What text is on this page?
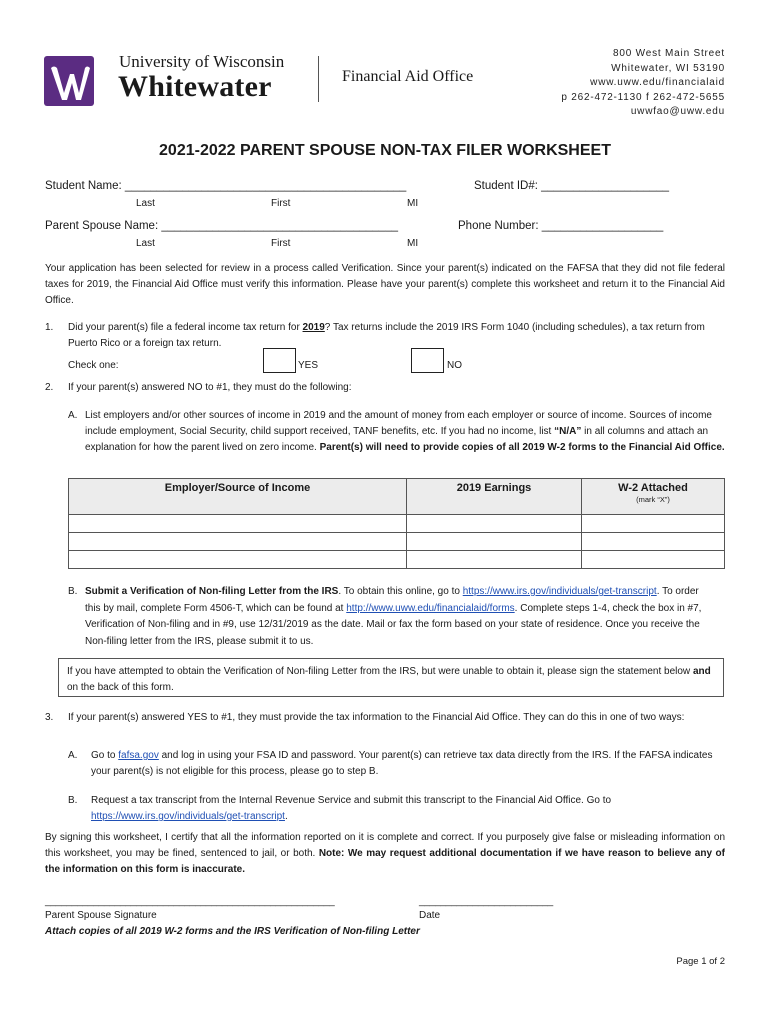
University of Wisconsin
Whitewater	Financial Aid Office
800 West Main Street
Whitewater, WI 53190
www.uww.edu/financialaid
p 262-472-1130 f 262-472-5655
uwwfao@uww.edu
2021-2022 PARENT SPOUSE NON-TAX FILER WORKSHEET
Student Name: ____________________________________________	Student ID#: ____________________
Last	First	MI
Parent Spouse Name: _____________________________________	Phone Number: ___________________
Last	First	MI
Your application has been selected for review in a process called Verification. Since your parent(s) indicated on the FAFSA that they did not file federal taxes for 2019, the Financial Aid Office must verify this information. Please have your parent(s) complete this worksheet and return it to the Financial Aid Office.
1. Did your parent(s) file a federal income tax return for 2019? Tax returns include the 2019 IRS Form 1040 (including schedules), a tax return from Puerto Rico or a foreign tax return.
Check one:	YES	NO
2. If your parent(s) answered NO to #1, they must do the following:
A. List employers and/or other sources of income in 2019 and the amount of money from each employer or source of income. Sources of income include employment, Social Security, child support received, TANF benefits, etc. If you had no income, list “N/A” in all columns and attach an explanation for how the parent lived on zero income. Parent(s) will need to provide copies of all 2019 W-2 forms to the Financial Aid Office.
Employer/Source of Income	2019 Earnings	W-2 Attached
(mark “X”)

B. Submit a Verification of Non-filing Letter from the IRS. To obtain this online, go to https://www.irs.gov/individuals/get-transcript. To order this by mail, complete Form 4506-T, which can be found at http://www.uww.edu/financialaid/forms. Complete steps 1-4, check the box in #7, Verification of Non-filing and in #9, use 12/31/2019 as the date. Mail or fax the form based on your state of residence. Once you receive the Non-filing letter from the IRS, please submit it to us.
If you have attempted to obtain the Verification of Non-filing Letter from the IRS, but were unable to obtain it, please sign the statement below and on the back of this form.
3. If your parent(s) answered YES to #1, they must provide the tax information to the Financial Aid Office. They can do this in one of two ways:
A. Go to fafsa.gov and log in using your FSA ID and password. Your parent(s) can retrieve tax data directly from the IRS. If the FAFSA indicates your parent(s) is not eligible for this process, please go to step B.
B. Request a tax transcript from the Internal Revenue Service and submit this transcript to the Financial Aid Office. Go to https://www.irs.gov/individuals/get-transcript.
By signing this worksheet, I certify that all the information reported on it is complete and correct. If you purposely give false or misleading information on this worksheet, you may be fined, sentenced to jail, or both. Note: We may request additional documentation if we have reason to believe any of the information on this form is inaccurate.
______________________________________________________	_________________________
Parent Spouse Signature	Date
Attach copies of all 2019 W-2 forms and the IRS Verification of Non-filing Letter
Page 1 of 2
